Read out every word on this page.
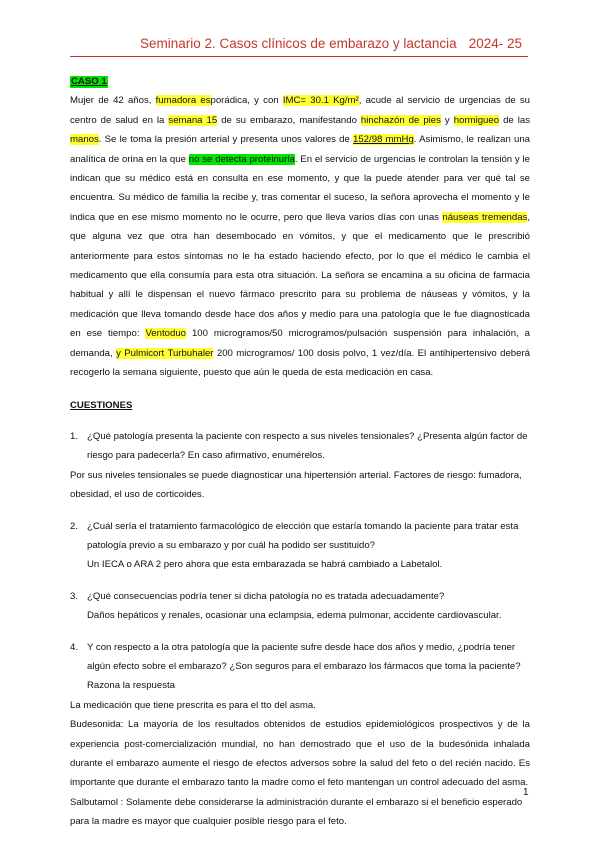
Seminario 2. Casos clínicos de embarazo y lactancia 2024- 25
CASO 1
Mujer de 42 años, fumadora esporádica, y con IMC= 30.1 Kg/m², acude al servicio de urgencias de su centro de salud en la semana 15 de su embarazo, manifestando hinchazón de pies y hormigueo de las manos. Se le toma la presión arterial y presenta unos valores de 152/98 mmHg. Asimismo, le realizan una analítica de orina en la que no se detecta proteinuria. En el servicio de urgencias le controlan la tensión y le indican que su médico está en consulta en ese momento, y que la puede atender para ver qué tal se encuentra. Su médico de familia la recibe y, tras comentar el suceso, la señora aprovecha el momento y le indica que en ese mismo momento no le ocurre, pero que lleva varios días con unas náuseas tremendas, que alguna vez que otra han desembocado en vómitos, y que el medicamento que le prescribió anteriormente para estos síntomas no le ha estado haciendo efecto, por lo que el médico le cambia el medicamento que ella consumía para esta otra situación. La señora se encamina a su oficina de farmacia habitual y allí le dispensan el nuevo fármaco prescrito para su problema de náuseas y vómitos, y la medicación que lleva tomando desde hace dos años y medio para una patología que le fue diagnosticada en ese tiempo: Ventoduo 100 microgramos/50 microgramos/pulsación suspensión para inhalación, a demanda, y Pulmicort Turbuhaler 200 microgramos/ 100 dosis polvo, 1 vez/día. El antihipertensivo deberá recogerlo la semana siguiente, puesto que aún le queda de esta medicación en casa.
CUESTIONES
1. ¿Qué patología presenta la paciente con respecto a sus niveles tensionales? ¿Presenta algún factor de riesgo para padecerla? En caso afirmativo, enumérelos.
Por sus niveles tensionales se puede diagnosticar una hipertensión arterial. Factores de riesgo: fumadora, obesidad, el uso de corticoides.
2. ¿Cuál sería el tratamiento farmacológico de elección que estaría tomando la paciente para tratar esta patología previo a su embarazo y por cuál ha podido ser sustituido?
Un IECA o ARA 2 pero ahora que esta embarazada se habrá cambiado a Labetalol.
3. ¿Qué consecuencias podría tener si dicha patología no es tratada adecuadamente?
Daños hepáticos y renales, ocasionar una eclampsia, edema pulmonar, accidente cardiovascular.
4. Y con respecto a la otra patología que la paciente sufre desde hace dos años y medio, ¿podría tener algún efecto sobre el embarazo? ¿Son seguros para el embarazo los fármacos que toma la paciente? Razona la respuesta
La medicación que tiene prescrita es para el tto del asma.
Budesonida: La mayoría de los resultados obtenidos de estudios epidemiológicos prospectivos y de la experiencia post-comercialización mundial, no han demostrado que el uso de la budesónida inhalada durante el embarazo aumente el riesgo de efectos adversos sobre la salud del feto o del recién nacido. Es importante que durante el embarazo tanto la madre como el feto mantengan un control adecuado del asma.
Salbutamol : Solamente debe considerarse la administración durante el embarazo si el beneficio esperado para la madre es mayor que cualquier posible riesgo para el feto.
1
